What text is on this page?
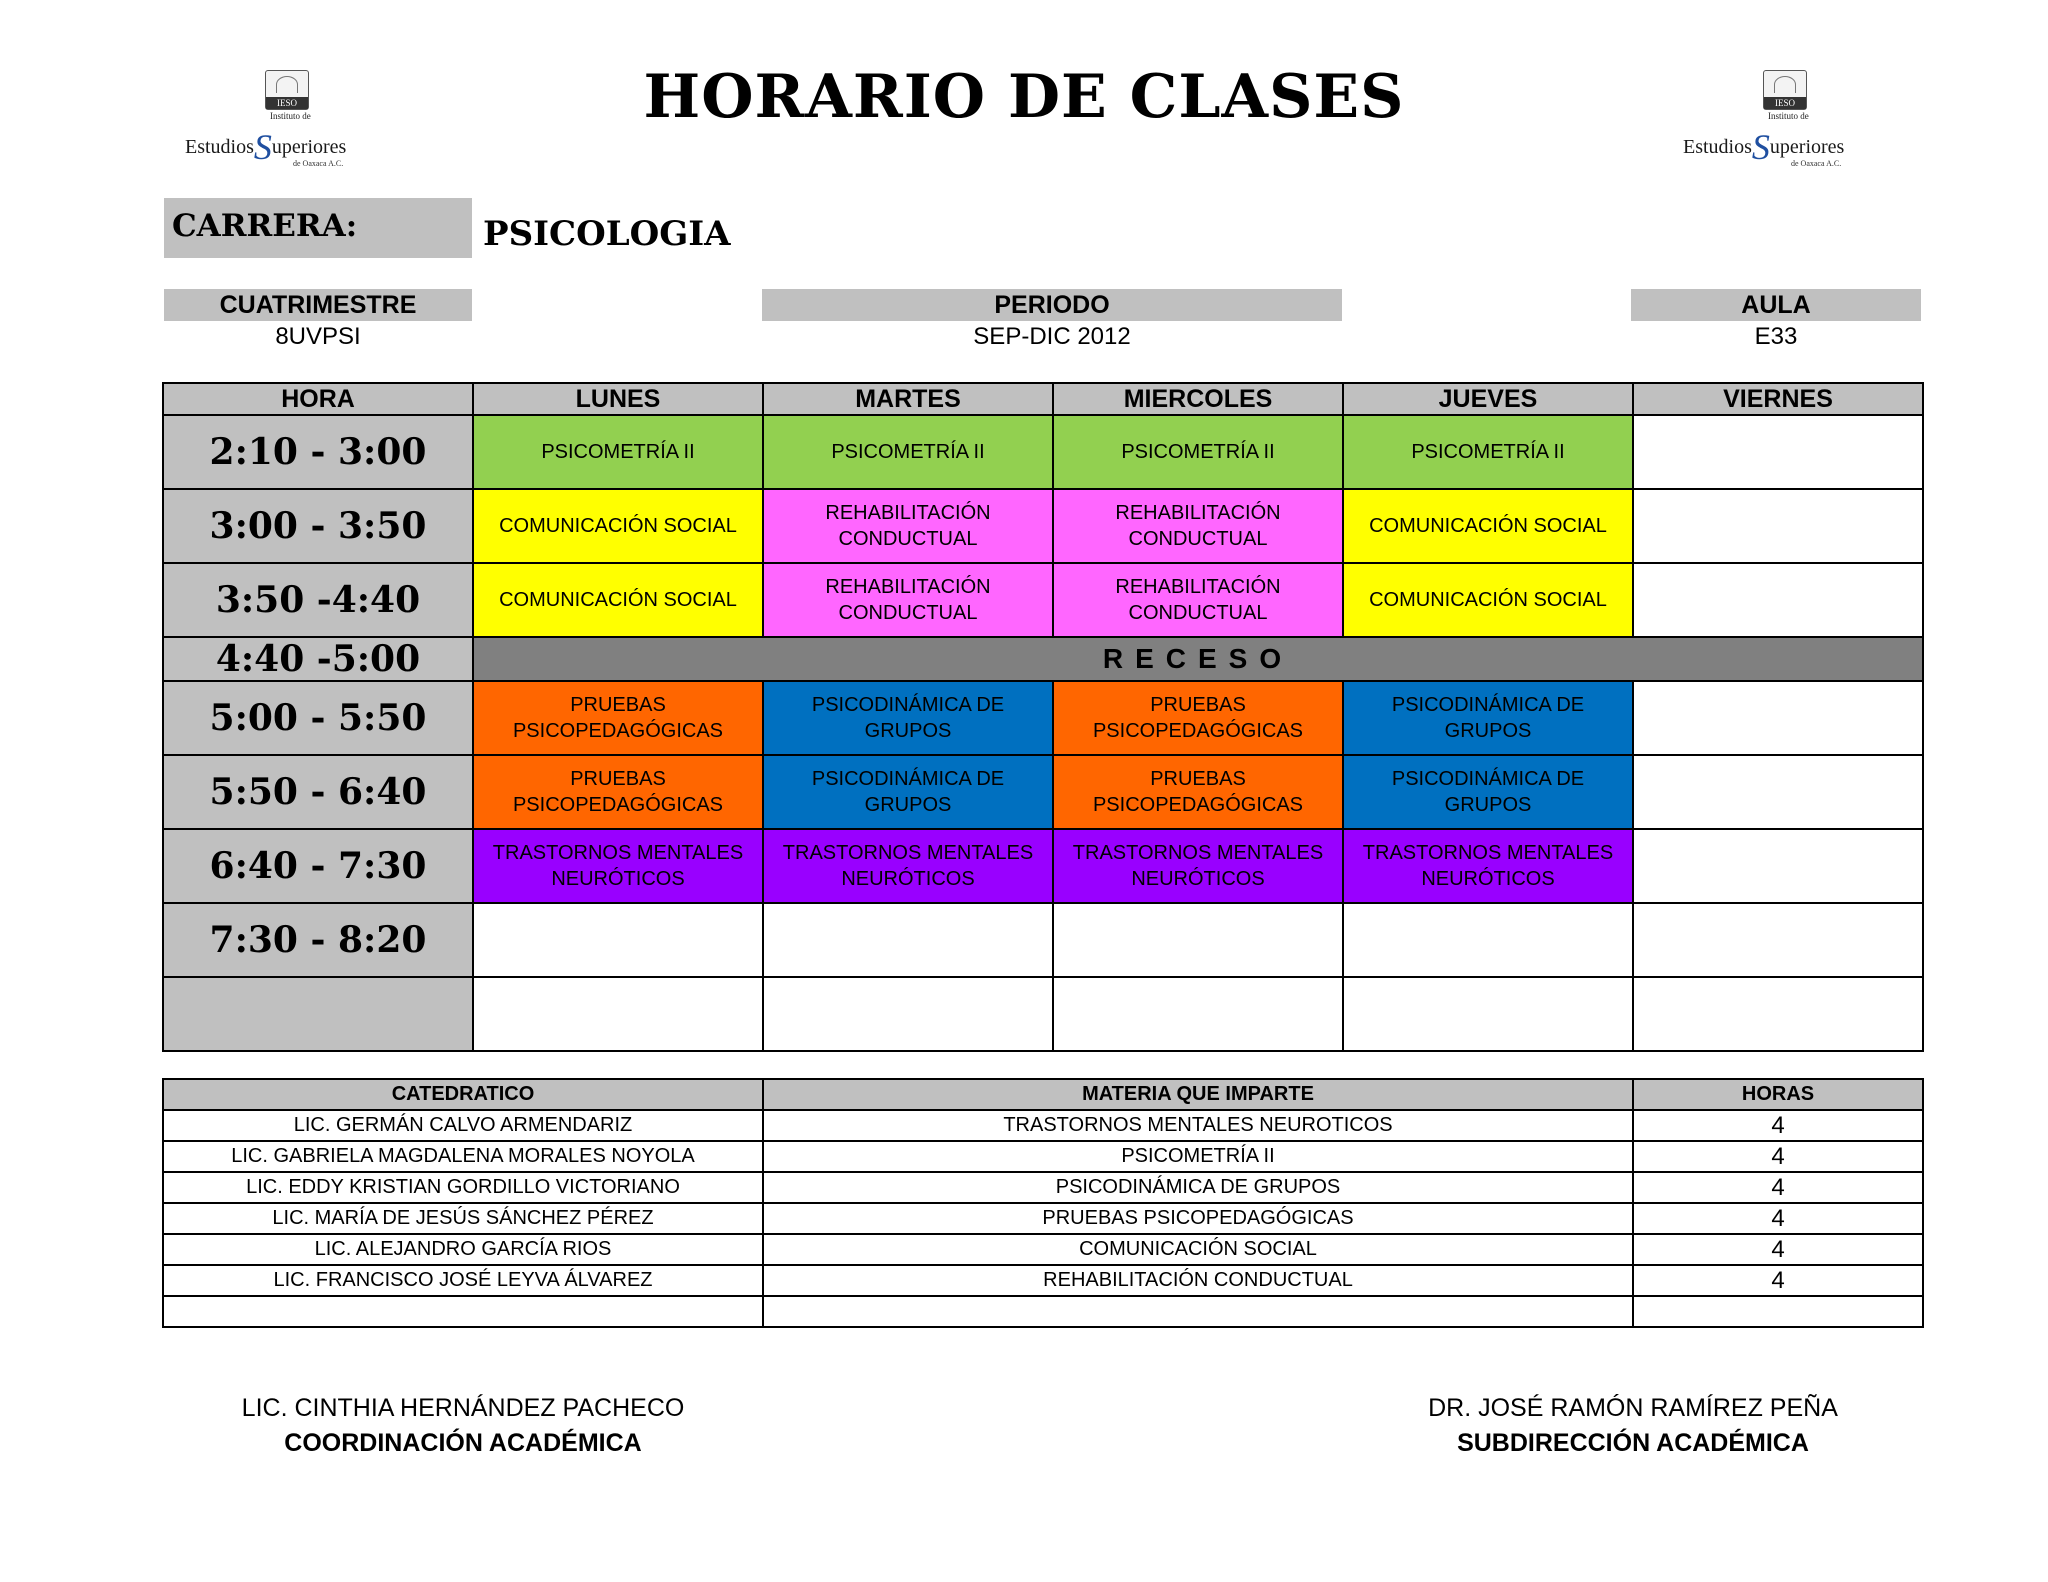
IESO
Instituto de
EstudiosSuperiores
de Oaxaca A.C.
IESO
Instituto de
EstudiosSuperiores
de Oaxaca A.C.
HORARIO DE CLASES
CARRERA:	PSICOLOGIA
CUATRIMESTRE
8UVPSI
PERIODO
SEP-DIC 2012
AULA
E33
HORA	LUNES	MARTES	MIERCOLES	JUEVES	VIERNES
2:10 - 3:00	PSICOMETRÍA II	PSICOMETRÍA II	PSICOMETRÍA II	PSICOMETRÍA II	
3:00 - 3:50	COMUNICACIÓN SOCIAL	REHABILITACIÓN CONDUCTUAL	REHABILITACIÓN CONDUCTUAL	COMUNICACIÓN SOCIAL	
3:50 -4:40	COMUNICACIÓN SOCIAL	REHABILITACIÓN CONDUCTUAL	REHABILITACIÓN CONDUCTUAL	COMUNICACIÓN SOCIAL	
4:40 -5:00	RECESO				
5:00 - 5:50	PRUEBAS PSICOPEDAGÓGICAS	PSICODINÁMICA DE GRUPOS	PRUEBAS PSICOPEDAGÓGICAS	PSICODINÁMICA DE GRUPOS	
5:50 - 6:40	PRUEBAS PSICOPEDAGÓGICAS	PSICODINÁMICA DE GRUPOS	PRUEBAS PSICOPEDAGÓGICAS	PSICODINÁMICA DE GRUPOS	
6:40 - 7:30	TRASTORNOS MENTALES NEURÓTICOS	TRASTORNOS MENTALES NEURÓTICOS	TRASTORNOS MENTALES NEURÓTICOS	TRASTORNOS MENTALES NEURÓTICOS	
7:30 - 8:20					

CATEDRATICO	MATERIA QUE IMPARTE	HORAS
LIC. GERMÁN CALVO ARMENDARIZ	TRASTORNOS MENTALES NEUROTICOS	4
LIC. GABRIELA MAGDALENA MORALES NOYOLA	PSICOMETRÍA II	4
LIC. EDDY KRISTIAN GORDILLO VICTORIANO	PSICODINÁMICA DE GRUPOS	4
LIC. MARÍA DE JESÚS SÁNCHEZ PÉREZ	PRUEBAS PSICOPEDAGÓGICAS	4
LIC. ALEJANDRO GARCÍA RIOS	COMUNICACIÓN SOCIAL	4
LIC. FRANCISCO JOSÉ LEYVA ÁLVAREZ	REHABILITACIÓN CONDUCTUAL	4

LIC. CINTHIA HERNÁNDEZ PACHECO
COORDINACIÓN ACADÉMICA
DR. JOSÉ RAMÓN RAMÍREZ PEÑA
SUBDIRECCIÓN ACADÉMICA
